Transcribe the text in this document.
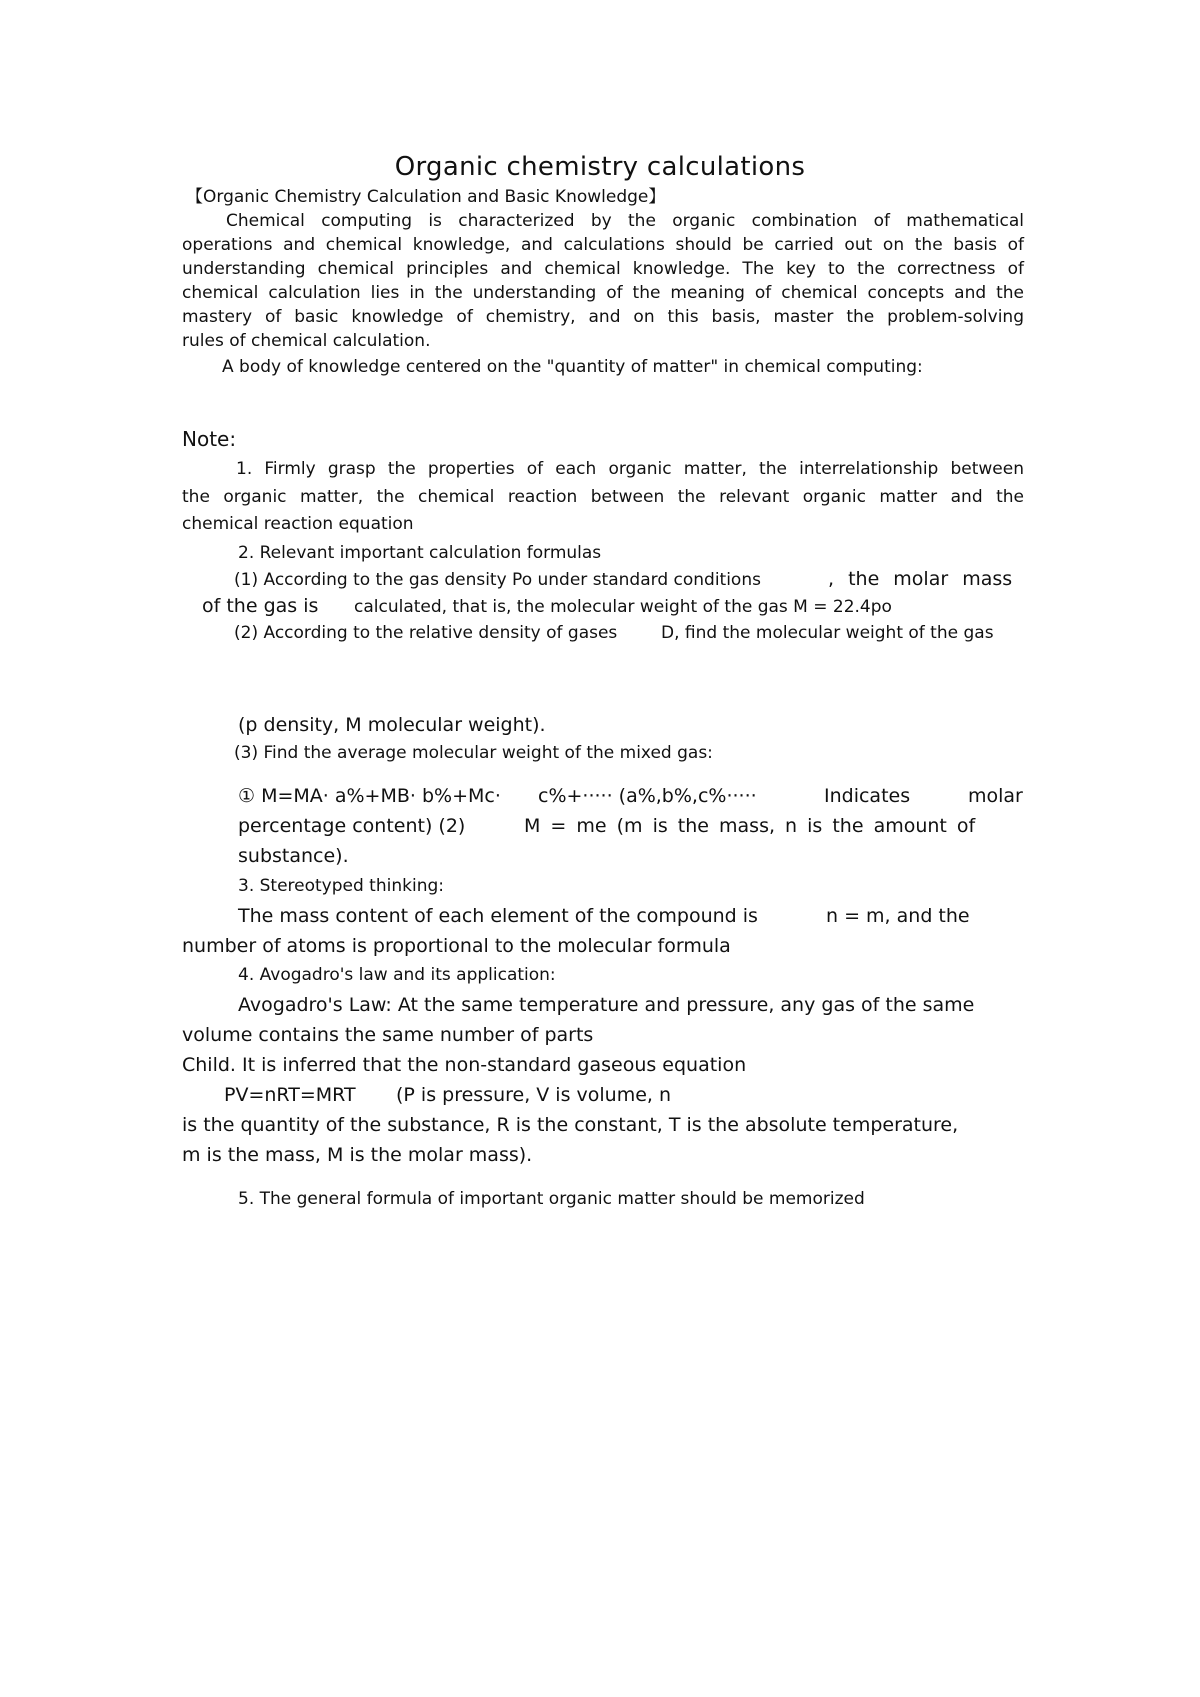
Organic chemistry calculations
【Organic Chemistry Calculation and Basic Knowledge】
Chemical computing is characterized by the organic combination of mathematical
operations and chemical knowledge, and calculations should be carried out on the basis of
understanding chemical principles and chemical knowledge. The key to the correctness of
chemical calculation lies in the understanding of the meaning of chemical concepts and the
mastery of basic knowledge of chemistry, and on this basis, master the problem-solving
rules of chemical calculation.
A body of knowledge centered on the "quantity of matter" in chemical computing:
Note:
1. Firmly grasp the properties of each organic matter, the interrelationship between
the organic matter, the chemical reaction between the relevant organic matter and the
chemical reaction equation
2. Relevant important calculation formulas
(1) According to the gas density Po under standard conditions	, the molar mass
of the gas is calculated, that is, the molecular weight of the gas M = 22.4po
(2) According to the relative density of gases	D, find the molecular weight of the gas
(p density, M molecular weight).
(3) Find the average molecular weight of the mixed gas:
① M=MA· a%+MB· b%+Mc· c%+····· (a%,b%,c%·····	Indicates	molar
percentage content) (2)	M = me (m is the mass, n is the amount of
substance).
3. Stereotyped thinking:
The mass content of each element of the compound is	n = m, and the
number of atoms is proportional to the molecular formula
4. Avogadro's law and its application:
Avogadro's Law: At the same temperature and pressure, any gas of the same
volume contains the same number of parts
Child. It is inferred that the non-standard gaseous equation
PV=nRT=MRT (P is pressure, V is volume, n
is the quantity of the substance, R is the constant, T is the absolute temperature,
m is the mass, M is the molar mass).
5. The general formula of important organic matter should be memorized
